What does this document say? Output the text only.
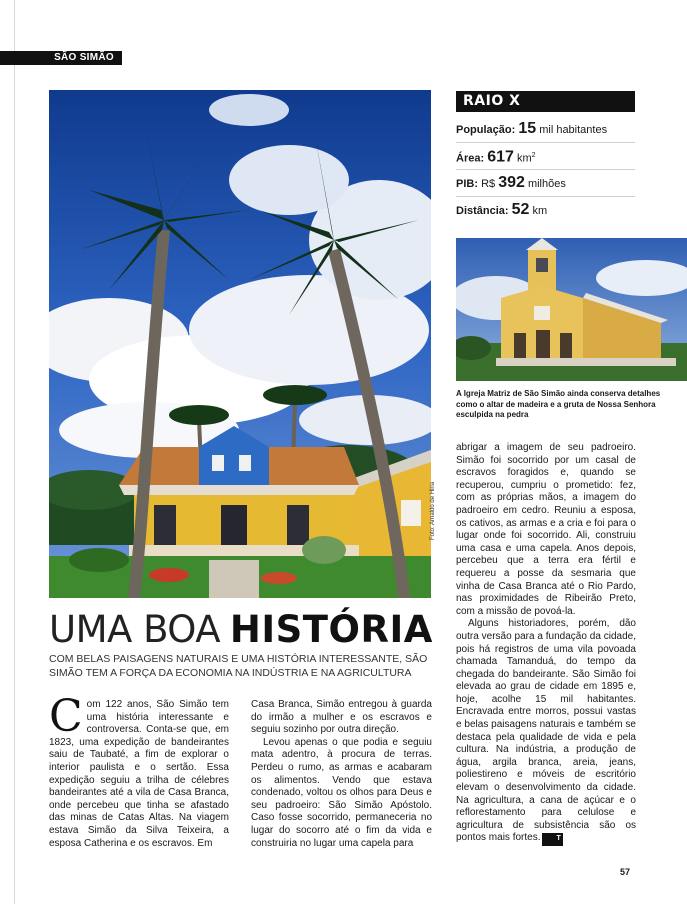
SÃO SIMÃO
Foto: Arnaldo de Hiria
RAIO X
População: 15 mil habitantes
Área: 617 $km^2$
PIB: R$ 392 milhões
Distância: 52 km
A Igreja Matriz de São Simão ainda conserva detalhes como o altar de madeira e a gruta de Nossa Senhora esculpida na pedra
UMA BOA HISTÓRIA
COM BELAS PAISAGENS NATURAIS E UMA HISTÓRIA INTERESSANTE, SÃO SIMÃO TEM A FORÇA DA ECONOMIA NA INDÚSTRIA E NA AGRICULTURA

Com 122 anos, São Simão tem uma história interessante e controversa. Conta-se que, em 1823, uma expedição de bandeirantes saiu de Taubaté, a fim de explorar o interior paulista e o sertão. Essa expedição seguiu a trilha de célebres bandeirantes até a vila de Casa Branca, onde percebeu que tinha se afastado das minas de Catas Altas. Na viagem estava Simão da Silva Teixeira, a esposa Catherina e os escravos. Em

Casa Branca, Simão entregou à guarda do irmão a mulher e os escravos e seguiu sozinho por outra direção.

Levou apenas o que podia e seguiu mata adentro, à procura de terras. Perdeu o rumo, as armas e acabaram os alimentos. Vendo que estava condenado, voltou os olhos para Deus e seu padroeiro: São Simão Apóstolo. Caso fosse socorrido, permaneceria no lugar do socorro até o fim da vida e construiria no lugar uma capela para

abrigar a imagem de seu padroeiro. Simão foi socorrido por um casal de escravos foragidos e, quando se recuperou, cumpriu o prometido: fez, com as próprias mãos, a imagem do padroeiro em cedro. Reuniu a esposa, os cativos, as armas e a cria e foi para o lugar onde foi socorrido. Ali, construiu uma casa e uma capela. Anos depois, percebeu que a terra era fértil e requereu a posse da sesmaria que vinha de Casa Branca até o Rio Pardo, nas proximidades de Ribeirão Preto, com a missão de povoá-la.

Alguns historiadores, porém, dão outra versão para a fundação da cidade, pois há registros de uma vila povoada chamada Tamanduá, do tempo da chegada do bandeirante. São Simão foi elevada ao grau de cidade em 1895 e, hoje, acolhe 15 mil habitantes. Encravada entre morros, possui vastas e belas paisagens naturais e também se destaca pela qualidade de vida e pela cultura. Na indústria, a produção de água, argila branca, areia, jeans, poliestireno e móveis de escritório elevam o desenvolvimento da cidade. Na agricultura, a cana de açúcar e o reflorestamento para celulose e agricultura de subsistência são os pontos mais fortes. T

57
